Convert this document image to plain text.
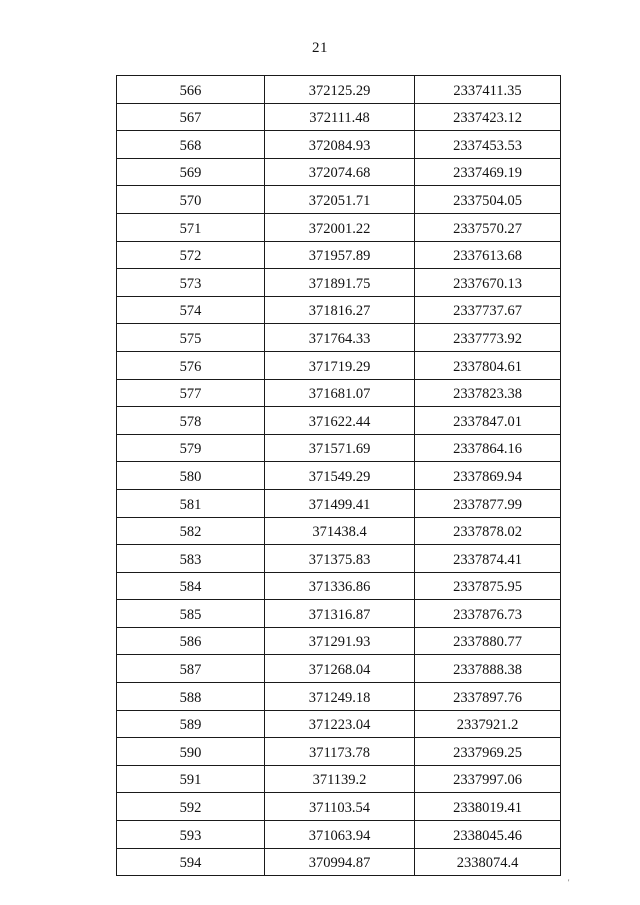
21
566	372125.29	2337411.35
567	372111.48	2337423.12
568	372084.93	2337453.53
569	372074.68	2337469.19
570	372051.71	2337504.05
571	372001.22	2337570.27
572	371957.89	2337613.68
573	371891.75	2337670.13
574	371816.27	2337737.67
575	371764.33	2337773.92
576	371719.29	2337804.61
577	371681.07	2337823.38
578	371622.44	2337847.01
579	371571.69	2337864.16
580	371549.29	2337869.94
581	371499.41	2337877.99
582	371438.4	2337878.02
583	371375.83	2337874.41
584	371336.86	2337875.95
585	371316.87	2337876.73
586	371291.93	2337880.77
587	371268.04	2337888.38
588	371249.18	2337897.76
589	371223.04	2337921.2
590	371173.78	2337969.25
591	371139.2	2337997.06
592	371103.54	2338019.41
593	371063.94	2338045.46
594	370994.87	2338074.4
'
